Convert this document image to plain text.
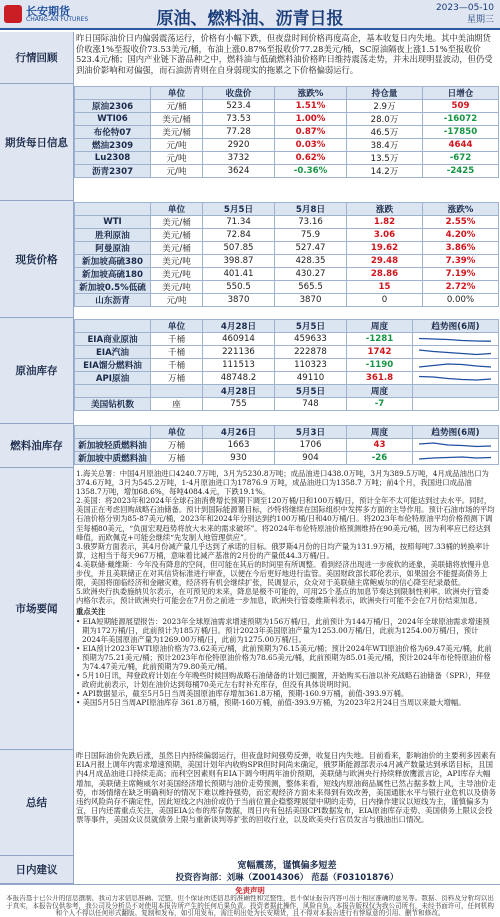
长安期货
CHANG-AN FUTURES	原油、燃料油、沥青日报
2023—05-10
星期三
行情回顾
昨日国际油价日内偏弱震荡运行，价格有小幅下跌，但夜盘时间价格再度高企，基本收复日内失地。其中美油期货价收涨1%至报收价73.53美元/桶，布油上涨0.87%至报收价77.28美元/桶，SC原油隔夜上涨1.51%至报收价523.4元/桶；国内产业链下游品种之中，燃料油与低硫燃料油价格昨日维持震荡走势，并未出现明显波动，但仍受到油价影响和对偏强，而石油沥青则在自身弱现实的拖累之下价格偏弱运行。
期货每日信息
	单位	收盘价	涨跌%	持仓量	日增仓
原油2306	元/桶	523.4	1.51%	2.9万	509
WTI06	美元/桶	73.53	1.00%	28.0万	-16072
布伦特07	美元/桶	77.28	0.87%	46.5万	-17850
燃油2309	元/吨	2920	0.03%	38.4万	4644
Lu2308	元/吨	3732	0.62%	13.5万	-672
沥青2307	元/吨	3624	-0.36%	14.2万	-2425
现货价格
	单位	5月5日	5月8日	涨跌	涨跌%
WTI	美元/桶	71.34	73.16	1.82	2.55%
胜利原油	美元/桶	72.84	75.9	3.06	4.20%
阿曼原油	美元/桶	507.85	527.47	19.62	3.86%
新加坡高硫380	美元/吨	398.87	428.35	29.48	7.39%
新加坡高硫180	美元/吨	401.41	430.27	28.86	7.19%
新加坡0.5%低硫	美元/吨	550.5	565.5	15	2.72%
山东沥青	元/吨	3870	3870	0	0.00%
原油库存
	单位	4月28日	5月5日	周度	趋势图(6周)
EIA商业原油	千桶	460914	459633	-1281	

EIA汽油	千桶	221136	222878	1742	

EIA馏分燃料油	千桶	111513	110323	-1190	

API原油	万桶	48748.2	49110	361.8	

		4月28日	5月5日	周度	
美国钻机数	座	755	748	-7	
燃料油库存
	单位	4月26日	5月3日	周度	趋势图(6周)
新加坡轻质燃料油	万桶	1663	1706	43	

新加坡中质燃料油	万桶	930	904	-26	
市场要闻
1.海关总署：中国4月原油进口4240.7万吨，3月为5230.8万吨；成品油进口438.0万吨，3月为389.5万吨，4月成品油出口为374.6万吨，3月为545.2万吨，1-4月原油进口为17876.9 万吨，成品油进口为1358.7 万吨；前4个月，我国进口成品油1358.7万吨，增加68.6%，每吨4084.4元，下跌19.1%。
2.美国：将2023年和2024年全球石油消费增长预期下调至120万桶/日和100万桶/日，预计全年不太可能达到过去水平。同时，美国正在考虑回购战略石油储备。预计到国际能源署目标，沙特将继续在国际组织中发挥多方面的主导作用。预计石油市场的平均石油价格分别为85-87美元/桶，2023年和2024年分别达到约100万桶/日和40万桶/日。将2023年布伦特原油平均价格预测下调至每桶80美元，“负面宏观趋势将放大未来的需求破坏”。将2024年布伦特原油价格预测维持在90美元/桶，因为利率应已经达到峰值，而欧佩克+可能会继续“先发制人地管理供应”。
3.俄罗斯方面表示，其4月份减产量几乎达到了承诺的目标。俄罗斯4月份的日均产量为131.9万桶，按照每吨7.33桶的转换率计算，这相当于每天967万桶，意味着比减产基准的2月份的产量低44.3万桶/日。
4.美联储·戴维斯：今年没有降息的空间，但可能在其后的时间里有所调整。看到经济出现进一步疲软的迹象，美联储将放慢升息步伐，并且美联储正在对其信贷标准进行审查，以便在今后更好地进行监管。美国财政部长耶伦表示，如果国会不能提高债务上限，美国将面临经济和金融灾难，经济将有机会继续扩张，民调显示，众众对于美联储主席鲍威尔的信心降至纪录最低。
5.欧洲央行执委施纳贝尔表示，在可预见的未来，降息是极不可能的，可用25个基点的加息节奏达到限制性利率。欧洲央行管委内格尔表示，预计欧洲央行可能会在7月份之前进一步加息，欧洲央行管委维斯科表示，欧洲央行可能不会在7月份结束加息。
重点关注
• EIA短期能源展望报告：2023年全球原油需求增速预期为156万桶/日，此前预计为144万桶/日，2024年全球原油需求增速预期为172万桶/日，此前预计为185万桶/日。预计2023年美国原油产量为1253.00万桶/日，此前为1254.00万桶/日，预计2024年美国原油产量为1269.00万桶/日，此前为1275.00万桶/日。
• EIA预计2023年WTI原油价格为73.62美元/桶，此前预期为76.15美元/桶；预计2024年WTI原油价格为69.47美元/桶，此前预期为75.21美元/桶；预计2023年布伦特原油价格为78.65美元/桶，此前预期为85.01美元/桶，预计2024年布伦特原油价格为74.47美元/桶，此前预期为79.80美元/桶。
• 5月10日讯，拜登政府计划在今年晚些时候回购战略石油储备的计划已搁置，开始购买石油以补充战略石油储备（SPR），拜登政府此前表示，计划在油价达到每桶70美元左右时补充库存，但没有具体说明时间。
• API数据显示，截至5月5日当周美国原油库存增加361.8万桶，预期-160.9万桶，前值-393.9万桶。
• 美国5月5日当周API原油库存 361.8万桶，预期-160万桶，前值-393.9万桶，为2023年2月24日当周以来最大增幅。
总结
昨日国际油价先跌后涨，虽然日内持续偏弱运行，但夜盘时间强势反弹，收复日内失地。目前看来，影响油价的主要利多因素有EIA月报上调年内需求增速预期，美国计划年内收购SPR但时间尚未确定，俄罗斯能源部表示4月减产数量达到承诺目标，且国内4月成品油进口持续走高；而利空因素则有EIA下调今明两年油价预期，美联储与欧洲央行持续释放鹰派言论，API库存大幅增加，美联储主席鲍威尔对美国经济增长预期与油价走势预测，整体来看，短线内原油商品属性已然占据多数上风，主导油价走势，市场情绪在缺乏明确利好的情况下难以维持强势，而宏观经济方面未来得到有效改善，美国通胀水平与银行业危机以及债务违约风险尚存不确定性，因此短线之内油价或仍于当前位置企稳整理展望中期的走势，日内操作建议以短线为主，谨慎偏多为宜，日内还需重点关注，美国EIA公布的库存数据，周日内有包括美国CPI数据发布，EIA原油库存走势、美国债务上限议会投票等事件，美国众议员就债务上限与重新谈判等扩张的回收行业，以及欧美央行官员发言与俄油出口情况。
日内建议	宽幅震荡，谨慎偏多短差
投资咨询部：刘琳（Z0014306） 范磊（F03101876）
免责声明
本报告基于已公开的信息撰制，我司力求信息准确、完整，但不保证所述信息的准确性和完整性，也不保证报告内容可出于相应准确的意见等。数据、资料及分析均以出于真实，本报告仅供参考，我公司及分析员不对使用本报告所产生的任何后果负责。投资者据此操作，风险自负。本报告版权仅为我公司所有，未经书面许可，任何机构和个人不得以任何形式翻版、复制和发布，如引用发布，需注明出处为长安期货，且不得对本报告进行有悖原意的引用、删节和修改。
